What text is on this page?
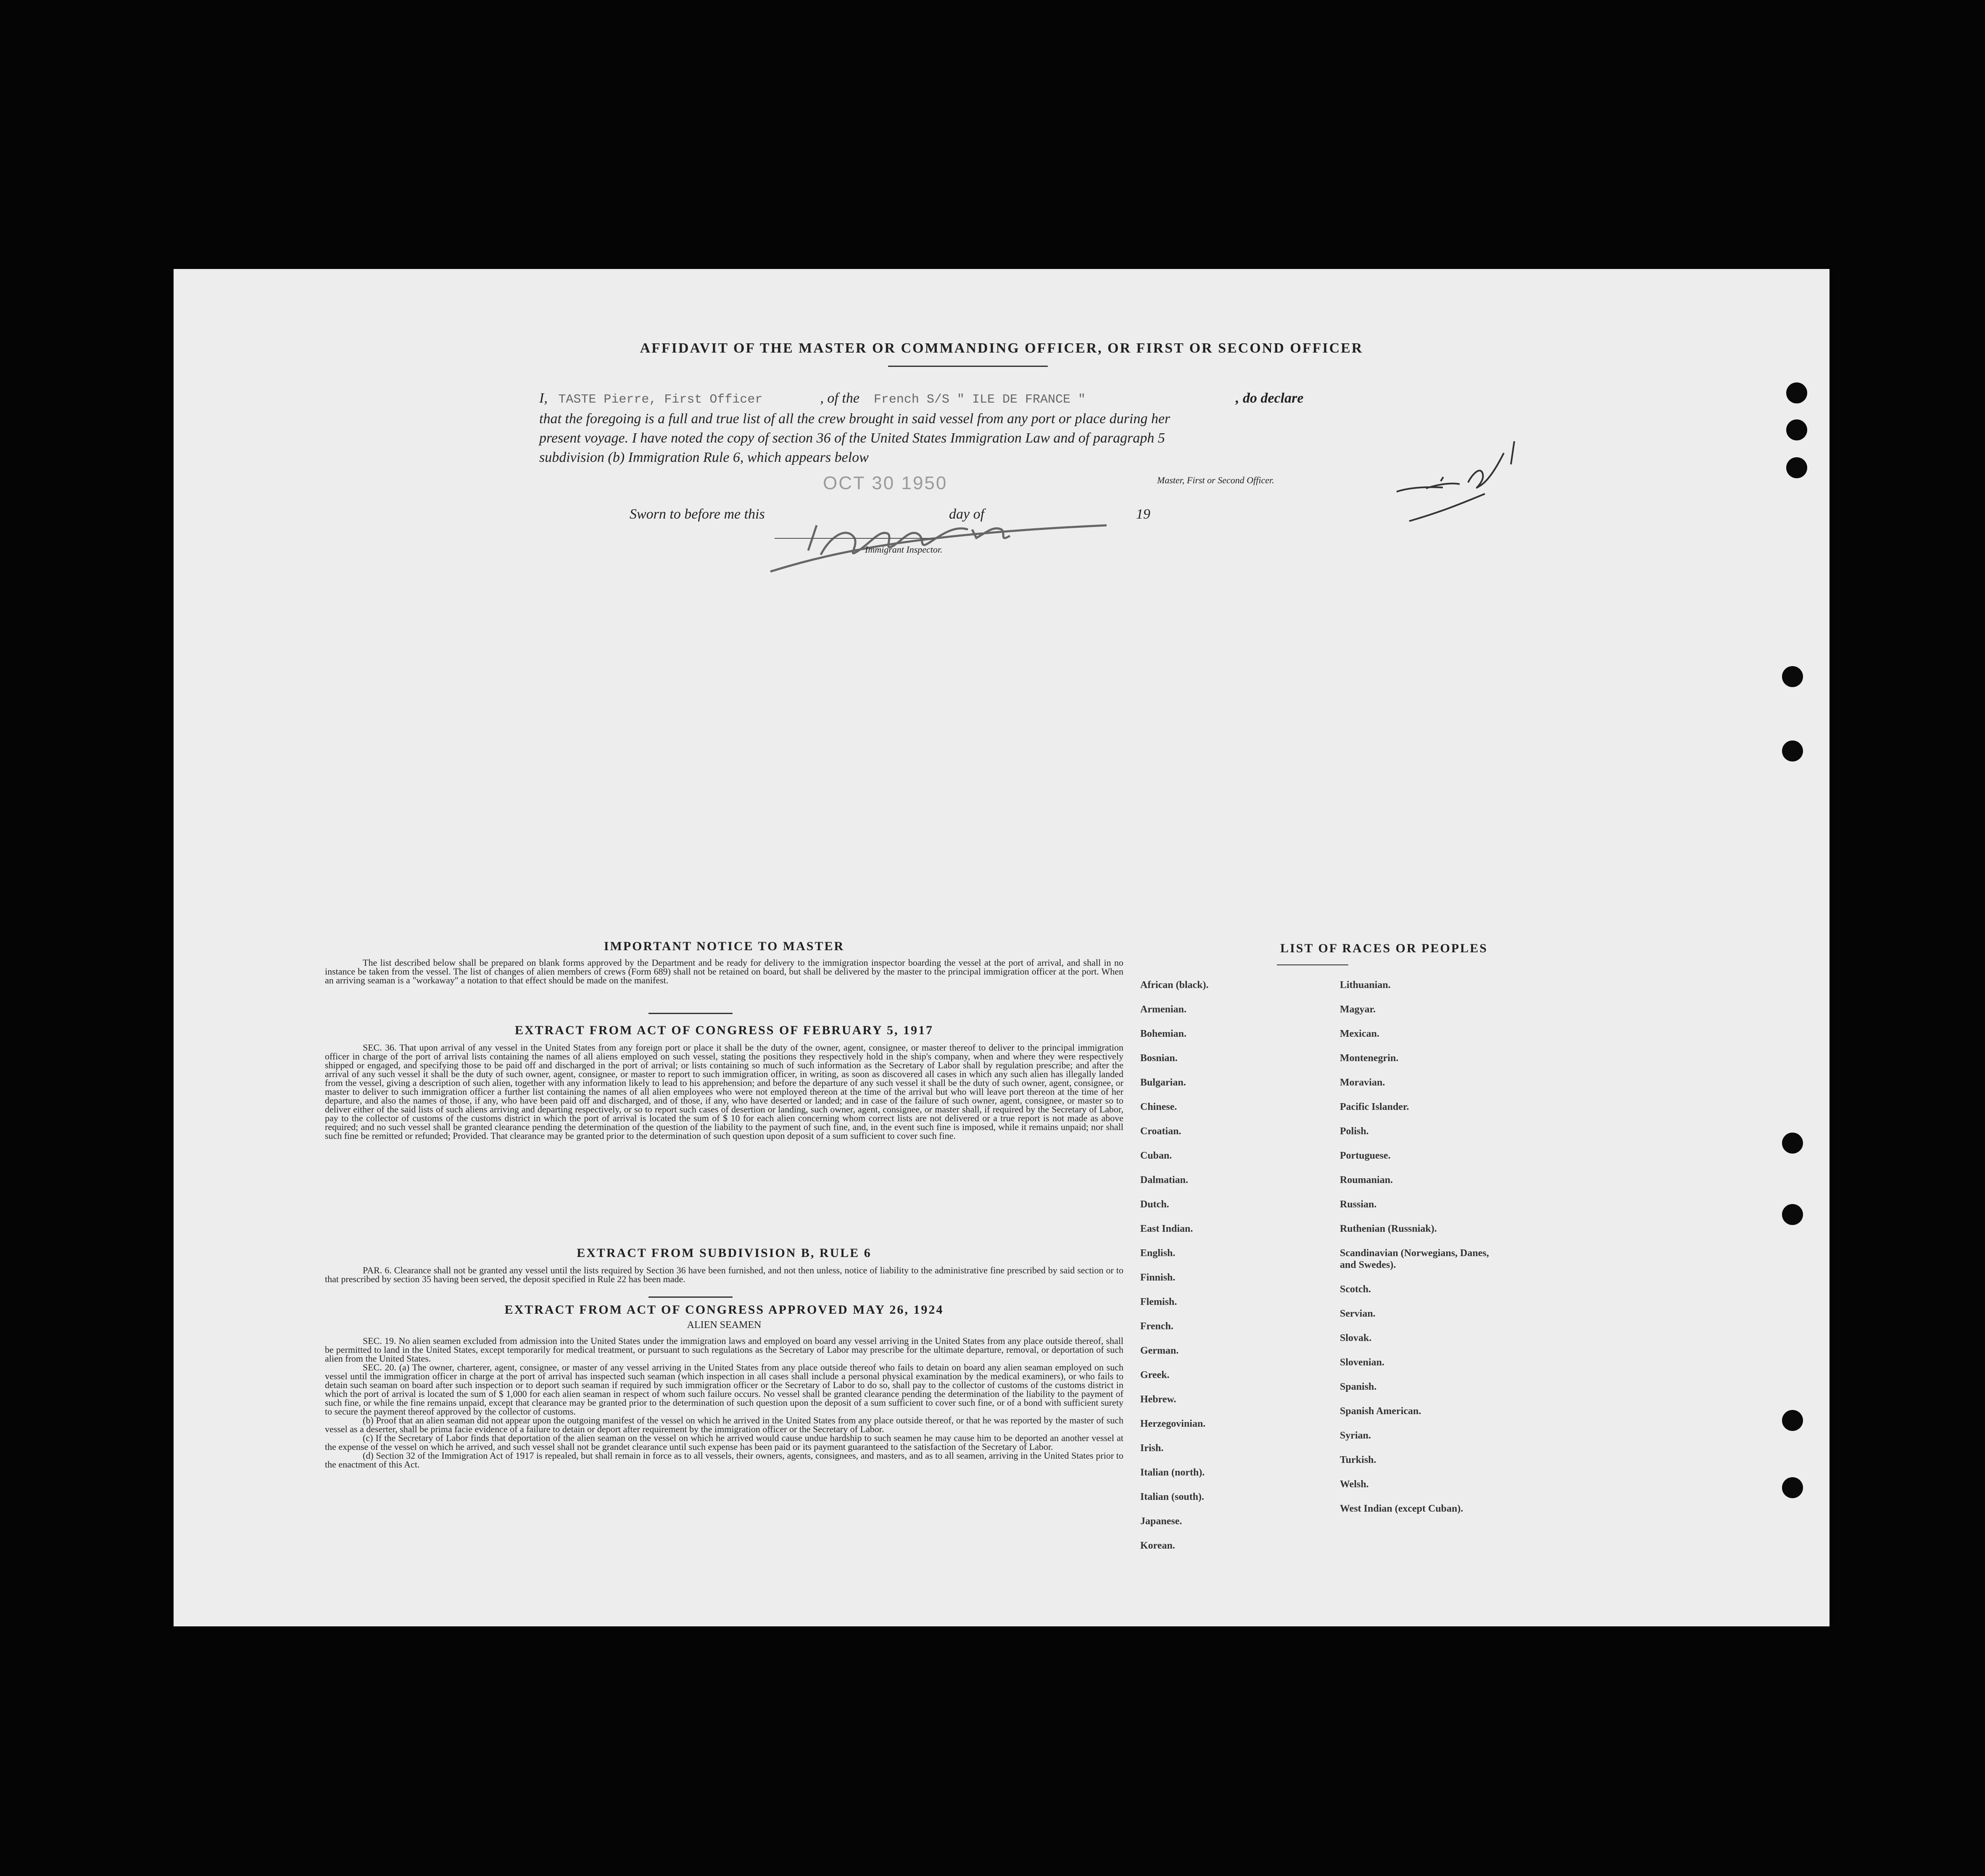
AFFIDAVIT OF THE MASTER OR COMMANDING OFFICER, OR FIRST OR SECOND OFFICER
I, TASTE Pierre, First Officer	, of the French S/S " ILE DE FRANCE "	, do declare
that the foregoing is a full and true list of all the crew brought in said vessel from any port or place during her
present voyage. I have noted the copy of section 36 of the United States Immigration Law and of paragraph 5
subdivision (b) Immigration Rule 6, which appears below
Master, First or Second Officer.
Sworn to before me this
OCT 30 1950
day of	19
Immigrant Inspector.
IMPORTANT NOTICE TO MASTER
The list described below shall be prepared on blank forms approved by the Department and be ready for delivery to the immigration inspector boarding the vessel at the port of arrival, and shall in no instance be taken from the vessel. The list of changes of alien members of crews (Form 689) shall not be retained on board, but shall be delivered by the master to the principal immigration officer at the port. When an arriving seaman is a "workaway" a notation to that effect should be made on the manifest.
EXTRACT FROM ACT OF CONGRESS OF FEBRUARY 5, 1917
SEC. 36. That upon arrival of any vessel in the United States from any foreign port or place it shall be the duty of the owner, agent, consignee, or master thereof to deliver to the principal immigration officer in charge of the port of arrival lists containing the names of all aliens employed on such vessel, stating the positions they respectively hold in the ship's company, when and where they were respectively shipped or engaged, and specifying those to be paid off and discharged in the port of arrival; or lists containing so much of such information as the Secretary of Labor shall by regulation prescribe; and after the arrival of any such vessel it shall be the duty of such owner, agent, consignee, or master to report to such immigration officer, in writing, as soon as discovered all cases in which any such alien has illegally landed from the vessel, giving a description of such alien, together with any information likely to lead to his apprehension; and before the departure of any such vessel it shall be the duty of such owner, agent, consignee, or master to deliver to such immigration officer a further list containing the names of all alien employees who were not employed thereon at the time of the arrival but who will leave port thereon at the time of her departure, and also the names of those, if any, who have been paid off and discharged, and of those, if any, who have deserted or landed; and in case of the failure of such owner, agent, consignee, or master so to deliver either of the said lists of such aliens arriving and departing respectively, or so to report such cases of desertion or landing, such owner, agent, consignee, or master shall, if required by the Secretary of Labor, pay to the collector of customs of the customs district in which the port of arrival is located the sum of $ 10 for each alien concerning whom correct lists are not delivered or a true report is not made as above required; and no such vessel shall be granted clearance pending the determination of the question of the liability to the payment of such fine, and, in the event such fine is imposed, while it remains unpaid; nor shall such fine be remitted or refunded; Provided. That clearance may be granted prior to the determination of such question upon deposit of a sum sufficient to cover such fine.
EXTRACT FROM SUBDIVISION B, RULE 6
PAR. 6. Clearance shall not be granted any vessel until the lists required by Section 36 have been furnished, and not then unless, notice of liability to the administrative fine prescribed by said section or to that prescribed by section 35 having been served, the deposit specified in Rule 22 has been made.
EXTRACT FROM ACT OF CONGRESS APPROVED MAY 26, 1924
ALIEN SEAMEN
SEC. 19. No alien seamen excluded from admission into the United States under the immigration laws and employed on board any vessel arriving in the United States from any place outside thereof, shall be permitted to land in the United States, except temporarily for medical treatment, or pursuant to such regulations as the Secretary of Labor may prescribe for the ultimate departure, removal, or deportation of such alien from the United States.
SEC. 20. (a) The owner, charterer, agent, consignee, or master of any vessel arriving in the United States from any place outside thereof who fails to detain on board any alien seaman employed on such vessel until the immigration officer in charge at the port of arrival has inspected such seaman (which inspection in all cases shall include a personal physical examination by the medical examiners), or who fails to detain such seaman on board after such inspection or to deport such seaman if required by such immigration officer or the Secretary of Labor to do so, shall pay to the collector of customs of the customs district in which the port of arrival is located the sum of $ 1,000 for each alien seaman in respect of whom such failure occurs. No vessel shall be granted clearance pending the determination of the liability to the payment of such fine, or while the fine remains unpaid, except that clearance may be granted prior to the determination of such question upon the deposit of a sum sufficient to cover such fine, or of a bond with sufficient surety to secure the payment thereof approved by the collector of customs.
(b) Proof that an alien seaman did not appear upon the outgoing manifest of the vessel on which he arrived in the United States from any place outside thereof, or that he was reported by the master of such vessel as a deserter, shall be prima facie evidence of a failure to detain or deport after requirement by the immigration officer or the Secretary of Labor.
(c) If the Secretary of Labor finds that deportation of the alien seaman on the vessel on which he arrived would cause undue hardship to such seamen he may cause him to be deported an another vessel at the expense of the vessel on which he arrived, and such vessel shall not be grandet clearance until such expense has been paid or its payment guaranteed to the satisfaction of the Secretary of Labor.
(d) Section 32 of the Immigration Act of 1917 is repealed, but shall remain in force as to all vessels, their owners, agents, consignees, and masters, and as to all seamen, arriving in the United States prior to the enactment of this Act.
LIST OF RACES OR PEOPLES
African (black).
Armenian.
Bohemian.
Bosnian.
Bulgarian.
Chinese.
Croatian.
Cuban.
Dalmatian.
Dutch.
East Indian.
English.
Finnish.
Flemish.
French.
German.
Greek.
Hebrew.
Herzegovinian.
Irish.
Italian (north).
Italian (south).
Japanese.
Korean.
Lithuanian.
Magyar.
Mexican.
Montenegrin.
Moravian.
Pacific Islander.
Polish.
Portuguese.
Roumanian.
Russian.
Ruthenian (Russniak).
Scandinavian (Norwegians, Danes, and Swedes).
Scotch.
Servian.
Slovak.
Slovenian.
Spanish.
Spanish American.
Syrian.
Turkish.
Welsh.
West Indian (except Cuban).
